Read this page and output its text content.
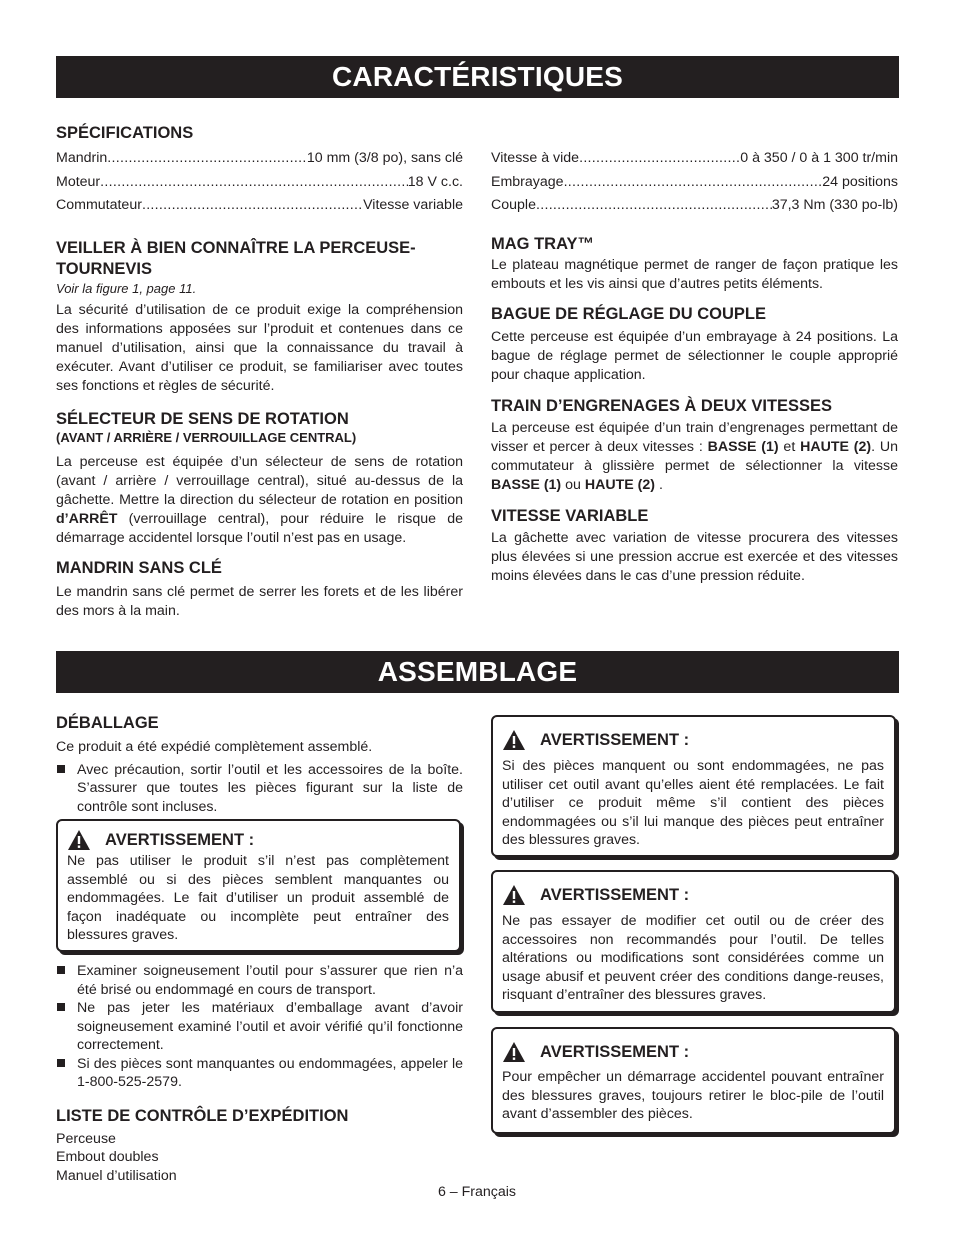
CARACTÉRISTIQUES
SPÉCIFICATIONS
Mandrin .....	10 mm (3/8 po), sans clé
Moteur .....	18 V c.c.
Commutateur .....	Vitesse variable
VEILLER À BIEN CONNAÎTRE LA PERCEUSE-TOURNEVIS
Voir la figure 1, page 11.

La sécurité d’utilisation de ce produit exige la compréhension des informations apposées sur l’produit et contenues dans ce manuel d’utilisation, ainsi que la connaissance du travail à exécuter. Avant d’utiliser ce produit, se familiariser avec toutes ses fonctions et règles de sécurité.

SÉLECTEUR DE SENS DE ROTATION
(AVANT / ARRIÈRE / VERROUILLAGE CENTRAL)

La perceuse est équipée d’un sélecteur de sens de rotation (avant / arrière / verrouillage central), situé au-dessus de la gâchette. Mettre la direction du sélecteur de rotation en position d’ARRÊT (verrouillage central), pour réduire le risque de démarrage accidentel lorsque l’outil n’est pas en usage.

MANDRIN SANS CLÉ

Le mandrin sans clé permet de serrer les forets et de les libérer des mors à la main.

Vitesse à vide .....	0 à 350 / 0 à 1 300 tr/min
Embrayage .....	24 positions
Couple .....	37,3 Nm (330 po-lb)
MAG TRAY™

Le plateau magnétique permet de ranger de façon pratique les embouts et les vis ainsi que d’autres petits éléments.

BAGUE DE RÉGLAGE DU COUPLE

Cette perceuse est équipée d’un embrayage à 24 positions. La bague de réglage permet de sélectionner le couple approprié pour chaque application.

TRAIN D’ENGRENAGES À DEUX VITESSES

La perceuse est équipée d’un train d’engrenages permettant de visser et percer à deux vitesses : BASSE (1) et HAUTE (2). Un commutateur à glissière permet de sélectionner la vitesse BASSE (1) ou HAUTE (2) .

VITESSE VARIABLE

La gâchette avec variation de vitesse procurera des vitesses plus élevées si une pression accrue est exercée et des vitesses moins élevées dans le cas d’une pression réduite.

ASSEMBLAGE
DÉBALLAGE
Ce produit a été expédié complètement assemblé.
Avec précaution, sortir l’outil et les accessoires de la boîte. S’assurer que toutes les pièces figurant sur la liste de contrôle sont incluses.
AVERTISSEMENT :

Ne pas utiliser le produit s’il n’est pas complètement assemblé ou si des pièces semblent manquantes ou endommagées. Le fait d’utiliser un produit assemblé de façon inadéquate ou incomplète peut entraîner des blessures graves.

Examiner soigneusement l’outil pour s’assurer que rien n’a été brisé ou endommagé en cours de transport.
Ne pas jeter les matériaux d’emballage avant d’avoir soigneusement examiné l’outil et avoir vérifié qu’il fonctionne correctement.
Si des pièces sont manquantes ou endommagées, appeler le 1-800-525-2579.
LISTE DE CONTRÔLE D’EXPÉDITION
Perceuse
Embout doubles
Manuel d’utilisation
AVERTISSEMENT :

Si des pièces manquent ou sont endommagées, ne pas utiliser cet outil avant qu’elles aient été remplacées. Le fait d’utiliser ce produit même s’il contient des pièces endommagées ou s’il lui manque des pièces peut entraîner des blessures graves.

AVERTISSEMENT :

Ne pas essayer de modifier cet outil ou de créer des accessoires non recommandés pour l’outil. De telles altérations ou modifications sont considérées comme un usage abusif et peuvent créer des conditions dange-reuses, risquant d’entraîner des blessures graves.

AVERTISSEMENT :

Pour empêcher un démarrage accidentel pouvant entraîner des blessures graves, toujours retirer le bloc-pile de l’outil avant d’assembler des pièces.

6 – Français
